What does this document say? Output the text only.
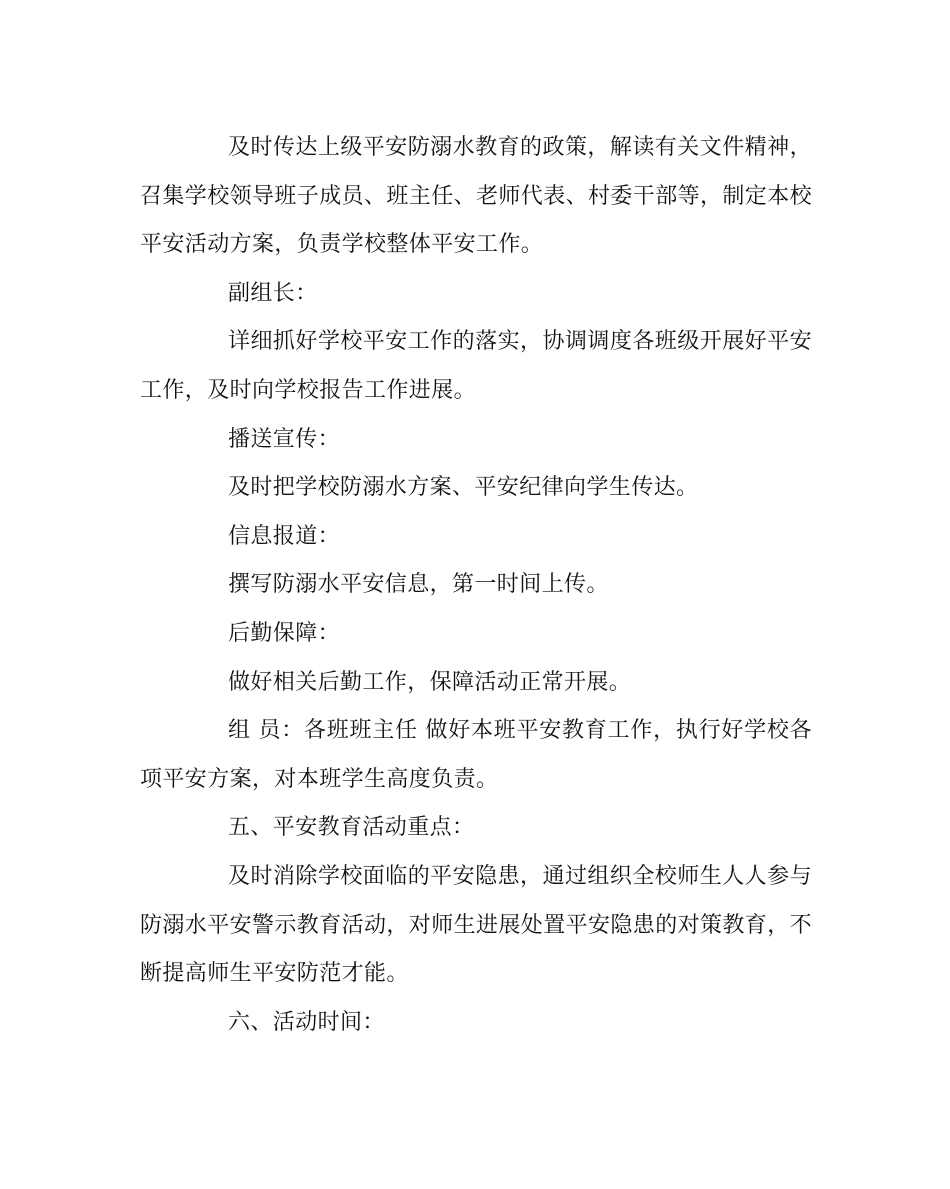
及时传达上级平安防溺水教育的政策，解读有关文件精神，召集学校领导班子成员、班主任、老师代表、村委干部等，制定本校平安活动方案，负责学校整体平安工作。

副组长：

详细抓好学校平安工作的落实，协调调度各班级开展好平安工作，及时向学校报告工作进展。

播送宣传：

及时把学校防溺水方案、平安纪律向学生传达。

信息报道：

撰写防溺水平安信息，第一时间上传。

后勤保障：

做好相关后勤工作，保障活动正常开展。

组 员：各班班主任 做好本班平安教育工作，执行好学校各项平安方案，对本班学生高度负责。

五、平安教育活动重点：

及时消除学校面临的平安隐患，通过组织全校师生人人参与防溺水平安警示教育活动，对师生进展处置平安隐患的对策教育，不断提高师生平安防范才能。

六、活动时间：
